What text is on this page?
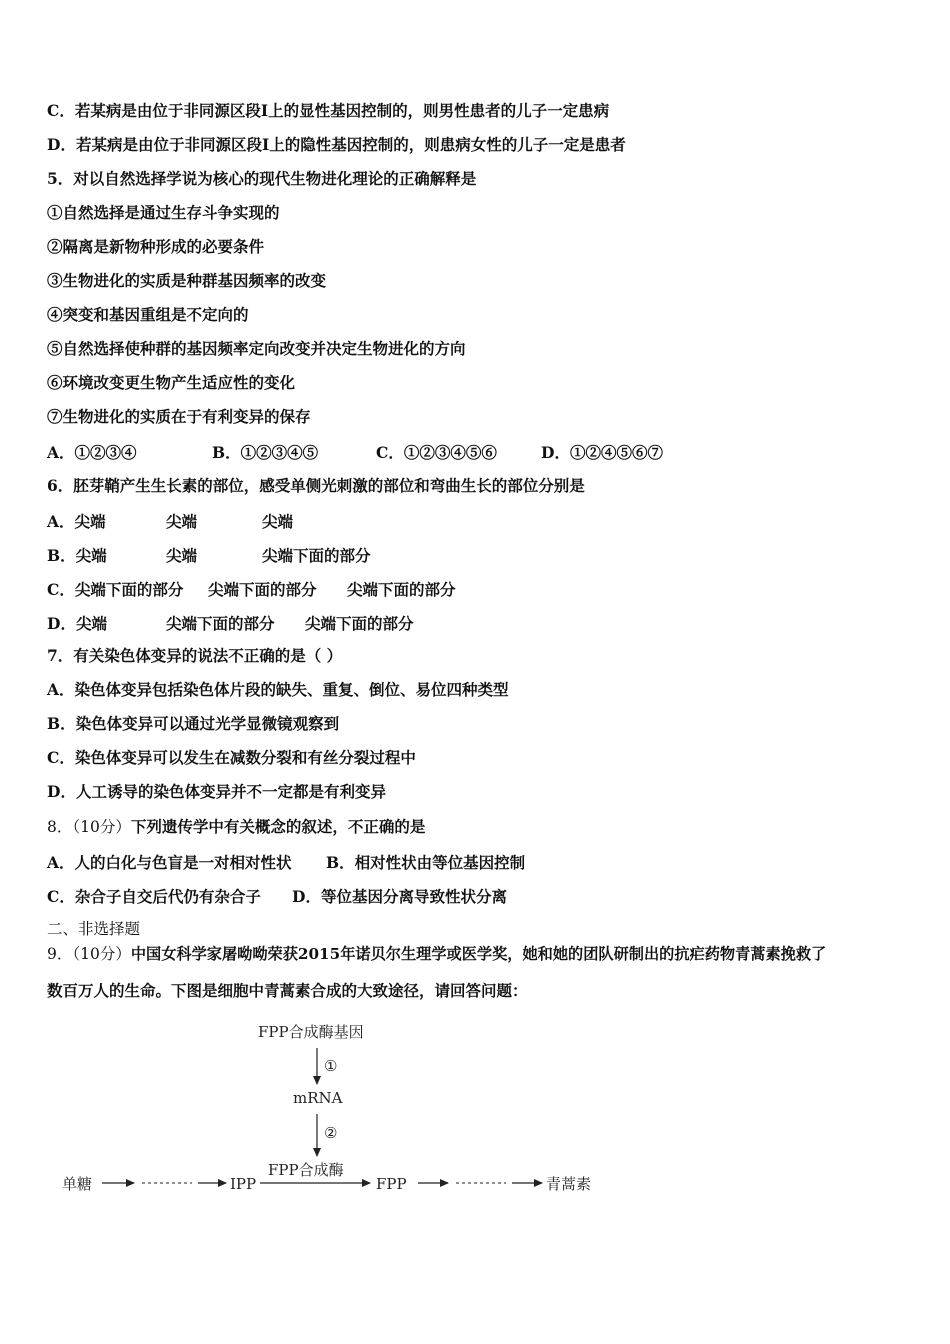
C．若某病是由位于非同源区段Ⅰ上的显性基因控制的，则男性患者的儿子一定患病
D．若某病是由位于非同源区段Ⅰ上的隐性基因控制的，则患病女性的儿子一定是患者
5．对以自然选择学说为核心的现代生物进化理论的正确解释是
①自然选择是通过生存斗争实现的
②隔离是新物种形成的必要条件
③生物进化的实质是种群基因频率的改变
④突变和基因重组是不定向的
⑤自然选择使种群的基因频率定向改变并决定生物进化的方向
⑥环境改变更生物产生适应性的变化
⑦生物进化的实质在于有利变异的保存
A．①②③④	B．①②③④⑤	C．①②③④⑤⑥	D．①②④⑤⑥⑦
6．胚芽鞘产生生长素的部位，感受单侧光刺激的部位和弯曲生长的部位分别是
A．尖端	尖端	尖端
B．尖端	尖端	尖端下面的部分
C．尖端下面的部分 尖端下面的部分 尖端下面的部分
D．尖端	尖端下面的部分 尖端下面的部分
7．有关染色体变异的说法不正确的是（ ）
A．染色体变异包括染色体片段的缺失、重复、倒位、易位四种类型
B．染色体变异可以通过光学显微镜观察到
C．染色体变异可以发生在减数分裂和有丝分裂过程中
D．人工诱导的染色体变异并不一定都是有利变异
8．（10分）下列遗传学中有关概念的叙述，不正确的是
A．人的白化与色盲是一对相对性状 B．相对性状由等位基因控制
C．杂合子自交后代仍有杂合子 D．等位基因分离导致性状分离
二、非选择题
9．（10分）中国女科学家屠呦呦荣获2015年诺贝尔生理学或医学奖，她和她的团队研制出的抗疟药物青蒿素挽救了
数百万人的生命。下图是细胞中青蒿素合成的大致途径，请回答问题：
FPP合成酶基因
①
mRNA
②
FPP合成酶
单糖	IPP	FPP	青蒿素
